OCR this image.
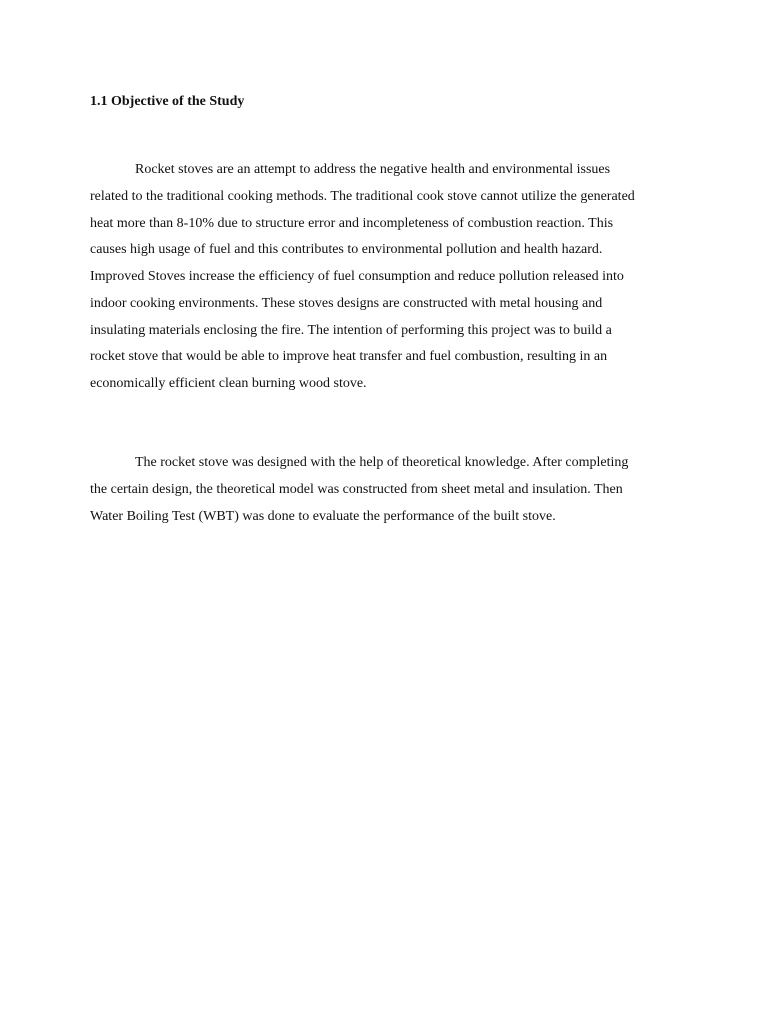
1.1 Objective of the Study

Rocket stoves are an attempt to address the negative health and environmental issues
related to the traditional cooking methods. The traditional cook stove cannot utilize the generated
heat more than 8-10% due to structure error and incompleteness of combustion reaction. This
causes high usage of fuel and this contributes to environmental pollution and health hazard.
Improved Stoves increase the efficiency of fuel consumption and reduce pollution released into
indoor cooking environments. These stoves designs are constructed with metal housing and
insulating materials enclosing the fire. The intention of performing this project was to build a
rocket stove that would be able to improve heat transfer and fuel combustion, resulting in an
economically efficient clean burning wood stove.

The rocket stove was designed with the help of theoretical knowledge. After completing
the certain design, the theoretical model was constructed from sheet metal and insulation. Then
Water Boiling Test (WBT) was done to evaluate the performance of the built stove.
